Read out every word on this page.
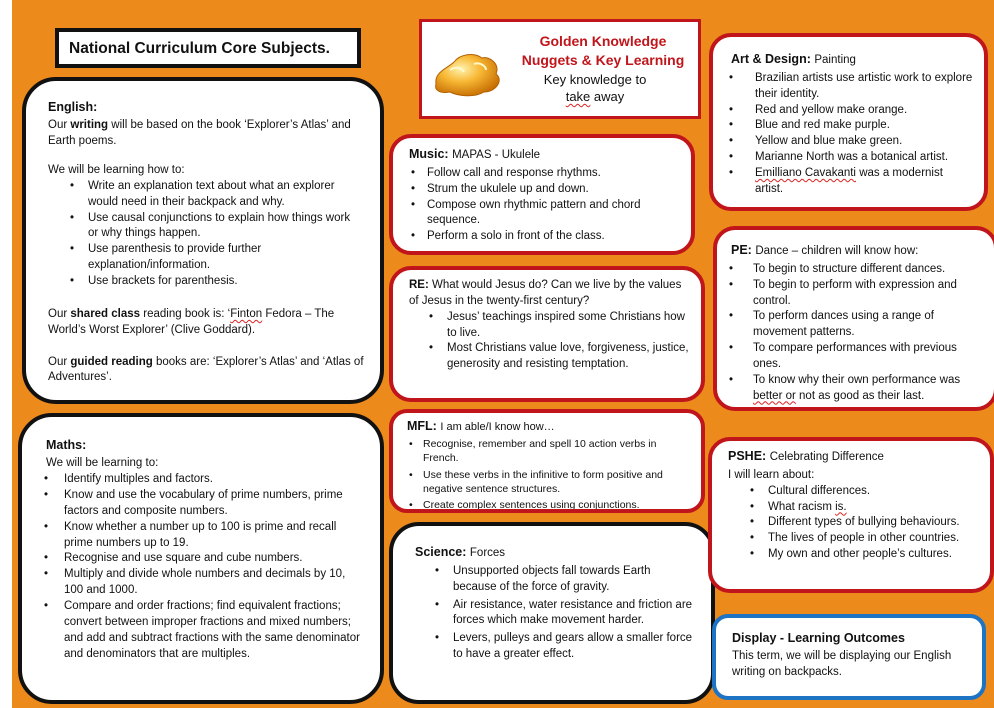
National Curriculum Core Subjects.	Golden Knowledge
Nuggets & Key Learning
Key knowledge to
take away
English:

Our writing will be based on the book ‘Explorer’s Atlas’ and Earth poems.

We will be learning how to:

• Write an explanation text about what an explorer would need in their backpack and why.
• Use causal conjunctions to explain how things work or why things happen.
• Use parenthesis to provide further explanation/information.
• Use brackets for parenthesis.

Our shared class reading book is: ‘Finton Fedora – The World’s Worst Explorer’ (Clive Goddard).

Our guided reading books are: ‘Explorer’s Atlas’ and ‘Atlas of Adventures’.

Maths:

We will be learning to:

• Identify multiples and factors.
• Know and use the vocabulary of prime numbers, prime factors and composite numbers.
• Know whether a number up to 100 is prime and recall prime numbers up to 19.
• Recognise and use square and cube numbers.
• Multiply and divide whole numbers and decimals by 10, 100 and 1000.
• Compare and order fractions; find equivalent fractions; convert between improper fractions and mixed numbers; and add and subtract fractions with the same denominator and denominators that are multiples.
Music: MAPAS - Ukulele
• Follow call and response rhythms.
• Strum the ukulele up and down.
• Compose own rhythmic pattern and chord sequence.
• Perform a solo in front of the class.

RE: What would Jesus do? Can we live by the values of Jesus in the twenty-first century?

• Jesus’ teachings inspired some Christians how to live.
• Most Christians value love, forgiveness, justice, generosity and resisting temptation.
MFL: I am able/I know how…
• Recognise, remember and spell 10 action verbs in French.
• Use these verbs in the infinitive to form positive and negative sentence structures.
• Create complex sentences using conjunctions.
Science: Forces
• Unsupported objects fall towards Earth because of the force of gravity.
• Air resistance, water resistance and friction are forces which make movement harder.
• Levers, pulleys and gears allow a smaller force to have a greater effect.
Art & Design: Painting
• Brazilian artists use artistic work to explore their identity.
• Red and yellow make orange.
• Blue and red make purple.
• Yellow and blue make green.
• Marianne North was a botanical artist.
• Emilliano Cavakanti was a modernist artist.
PE: Dance – children will know how:
• To begin to structure different dances.
• To begin to perform with expression and control.
• To perform dances using a range of movement patterns.
• To compare performances with previous ones.
• To know why their own performance was better or not as good as their last.
PSHE: Celebrating Difference

I will learn about:

• Cultural differences.
• What racism is.
• Different types of bullying behaviours.
• The lives of people in other countries.
• My own and other people’s cultures.
Display - Learning Outcomes

This term, we will be displaying our English writing on backpacks.
